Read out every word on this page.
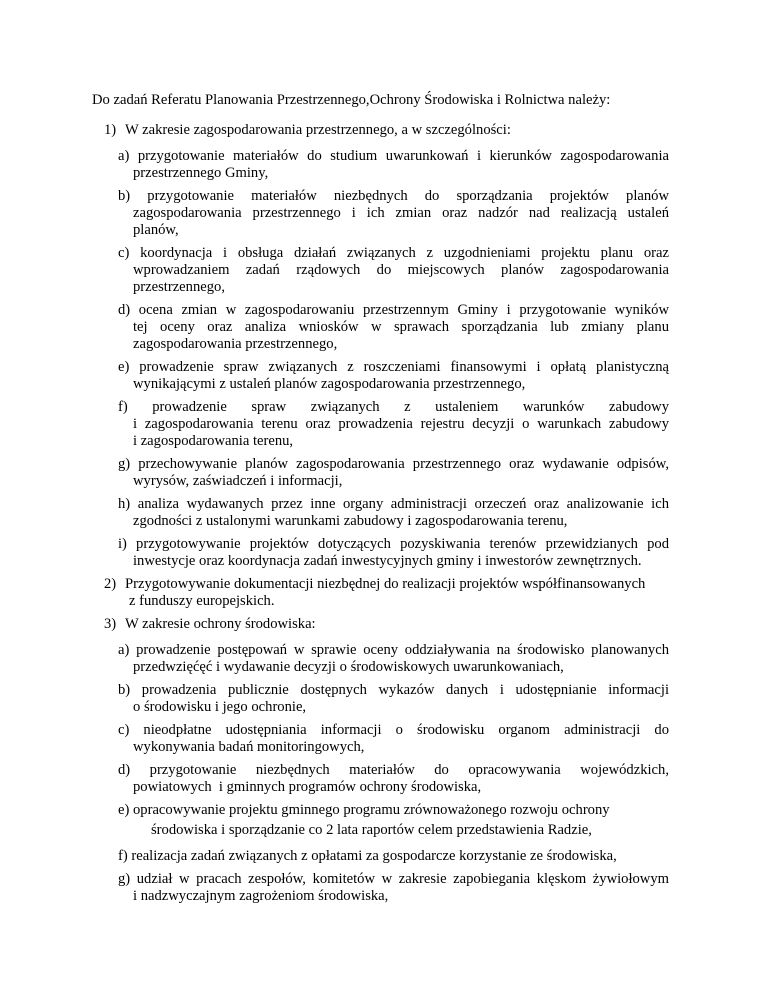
Do zadań Referatu Planowania Przestrzennego,Ochrony Środowiska i Rolnictwa należy:
1) W zakresie zagospodarowania przestrzennego, a w szczególności:
a) przygotowanie materiałów do studium uwarunkowań i kierunków zagospodarowania
przestrzennego Gminy,
b) przygotowanie materiałów niezbędnych do sporządzania projektów planów
zagospodarowania przestrzennego i ich zmian oraz nadzór nad realizacją ustaleń
planów,
c) koordynacja i obsługa działań związanych z uzgodnieniami projektu planu oraz
wprowadzaniem zadań rządowych do miejscowych planów zagospodarowania
przestrzennego,
d) ocena zmian w zagospodarowaniu przestrzennym Gminy i przygotowanie wyników
tej oceny oraz analiza wniosków w sprawach sporządzania lub zmiany planu
zagospodarowania przestrzennego,
e) prowadzenie spraw związanych z roszczeniami finansowymi i opłatą planistyczną
wynikającymi z ustaleń planów zagospodarowania przestrzennego,
f) prowadzenie spraw związanych z ustaleniem warunków zabudowy
i zagospodarowania terenu oraz prowadzenia rejestru decyzji o warunkach zabudowy
i zagospodarowania terenu,
g) przechowywanie planów zagospodarowania przestrzennego oraz wydawanie odpisów,
wyrysów, zaświadczeń i informacji,
h) analiza wydawanych przez inne organy administracji orzeczeń oraz analizowanie ich
zgodności z ustalonymi warunkami zabudowy i zagospodarowania terenu,
i) przygotowywanie projektów dotyczących pozyskiwania terenów przewidzianych pod
inwestycje oraz koordynacja zadań inwestycyjnych gminy i inwestorów zewnętrznych.
2) Przygotowywanie dokumentacji niezbędnej do realizacji projektów współfinansowanych
z funduszy europejskich.
3) W zakresie ochrony środowiska:
a) prowadzenie postępowań w sprawie oceny oddziaływania na środowisko planowanych
przedwzięćęć i wydawanie decyzji o środowiskowych uwarunkowaniach,
b) prowadzenia publicznie dostępnych wykazów danych i udostępnianie informacji
o środowisku i jego ochronie,
c) nieodpłatne udostępniania informacji o środowisku organom administracji do
wykonywania badań monitoringowych,
d) przygotowanie niezbędnych materiałów do opracowywania wojewódzkich,
powiatowych  i gminnych programów ochrony środowiska,
e) opracowywanie projektu gminnego programu zrównoważonego rozwoju ochrony
środowiska i sporządzanie co 2 lata raportów celem przedstawienia Radzie,
f) realizacja zadań związanych z opłatami za gospodarcze korzystanie ze środowiska,
g) udział w pracach zespołów, komitetów w zakresie zapobiegania klęskom żywiołowym
i nadzwyczajnym zagrożeniom środowiska,
